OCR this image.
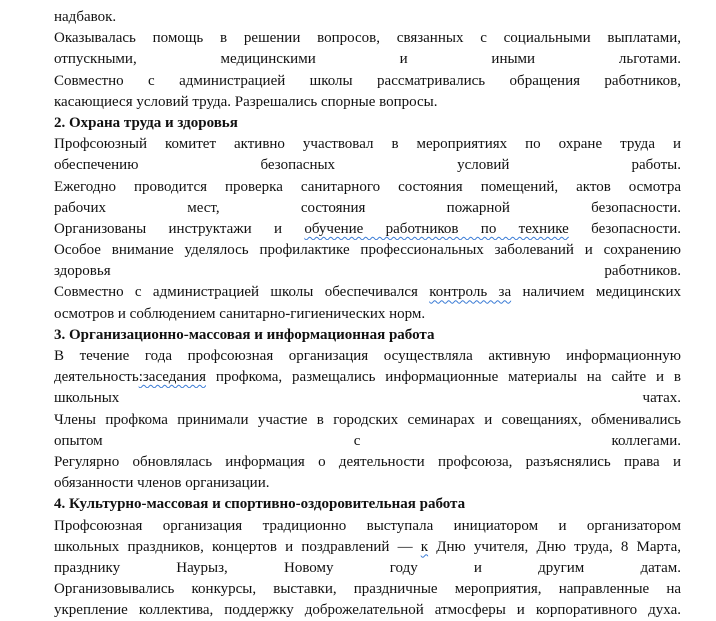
надбавок.
Оказывалась помощь в решении вопросов, связанных с социальными выплатами,
отпускными, медицинскими и иными льготами.
Совместно с администрацией школы рассматривались обращения работников,
касающиеся условий труда. Разрешались спорные вопросы.
2. Охрана труда и здоровья
Профсоюзный комитет активно участвовал в мероприятиях по охране труда и
обеспечению безопасных условий работы.
Ежегодно проводится проверка санитарного состояния помещений, актов осмотра
рабочих мест, состояния пожарной безопасности.
Организованы инструктажи и обучение работников по технике безопасности.
Особое внимание уделялось профилактике профессиональных заболеваний и сохранению
здоровья работников.
Совместно с администрацией школы обеспечивался контроль за наличием медицинских
осмотров и соблюдением санитарно-гигиенических норм.
3. Организационно-массовая и информационная работа
В течение года профсоюзная организация осуществляла активную информационную
деятельность:заседания профкома, размещались информационные материалы на сайте и в
школьных чатах.
Члены профкома принимали участие в городских семинарах и совещаниях, обменивались
опытом с коллегами.
Регулярно обновлялась информация о деятельности профсоюза, разъяснялись права и
обязанности членов организации.
4. Культурно-массовая и спортивно-оздоровительная работа
Профсоюзная организация традиционно выступала инициатором и организатором
школьных праздников, концертов и поздравлений — к Дню учителя, Дню труда, 8 Марта,
празднику Наурыз, Новому году и другим датам.
Организовывались конкурсы, выставки, праздничные мероприятия, направленные на
укрепление коллектива, поддержку доброжелательной атмосферы и корпоративного духа.
